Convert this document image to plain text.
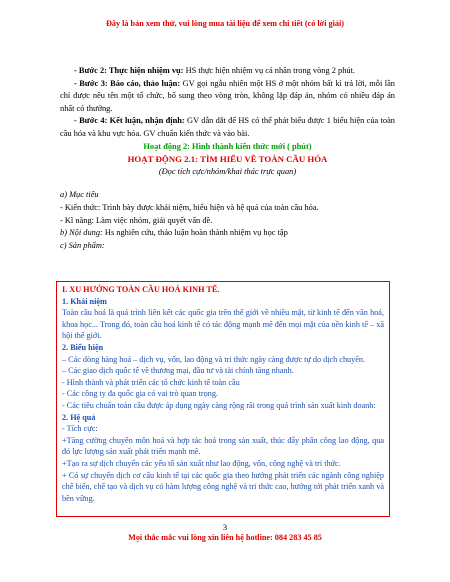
Đây là bản xem thử, vui lòng mua tài liệu để xem chi tiết (có lời giải)

- Bước 2: Thực hiện nhiệm vụ: HS thực hiện nhiệm vụ cá nhân trong vòng 2 phút.

- Bước 3: Báo cáo, thảo luận: GV gọi ngẫu nhiên một HS ở một nhóm bất kì trả lời, mỗi lần chỉ được nêu tên một tổ chức, bổ sung theo vòng tròn, không lặp đáp án, nhóm có nhiều đáp án nhất có thưởng.

- Bước 4: Kết luận, nhận định: GV dẫn dắt để HS có thể phát biểu được 1 biểu hiện của toàn cầu hóa và khu vực hóa. GV chuẩn kiến thức và vào bài.

Hoạt động 2: Hình thành kiến thức mới ( phút)

HOẠT ĐỘNG 2.1: TÌM HIỂU VỀ TOÀN CẦU HÓA

(Đọc tích cực/nhóm/khai thác trực quan)

a) Mục tiêu

- Kiến thức: Trình bày được khái niệm, biểu hiện và hệ quả của toàn cầu hóa.

- Kĩ năng: Làm việc nhóm, giải quyết vấn đề.

b) Nội dung: Hs nghiên cứu, thảo luận hoàn thành nhiệm vụ học tập

c) Sản phẩm:

I. XU HƯỚNG TOÀN CẦU HOÁ KINH TẾ.

1. Khái niệm

Toàn cầu hoá là quá trình liên kết các quốc gia trên thế giới về nhiều mặt, từ kinh tế đến văn hoá, khoa học... Trong đó, toàn cầu hoá kinh tế có tác động mạnh mẽ đến mọi mặt của nền kinh tế – xã hội thế giới.

2. Biểu hiện

– Các dòng hàng hoá – dịch vụ, vốn, lao động và tri thức ngày càng được tự do dịch chuyển.

– Các giao dịch quốc tế về thương mại, đầu tư và tài chính tăng nhanh.

- Hình thành và phát triển các tổ chức kinh tế toàn cầu

- Các công ty đa quốc gia có vai trò quan trọng.

- Các tiêu chuẩn toàn cầu được áp dụng ngày càng rộng rãi trong quá trình sản xuất kinh doanh:

2. Hệ quả

- Tích cực:

+Tăng cường chuyên môn hoá và hợp tác hoá trong sản xuất, thúc đẩy phân công lao động, qua đó lực lượng sản xuất phát triển mạnh mẽ.

+Tạo ra sự dịch chuyển các yếu tố sản xuất như lao động, vốn, công nghệ và tri thức.

+ Có sự chuyển dịch cơ cấu kinh tế tại các quốc gia theo hướng phát triển các ngành công nghiệp chế biến, chế tạo và dịch vụ có hàm lượng công nghệ và tri thức cao, hướng tới phát triển xanh và bền vững.

3
Mọi thắc mắc vui lòng xin liên hệ hotline: 084 283 45 85
